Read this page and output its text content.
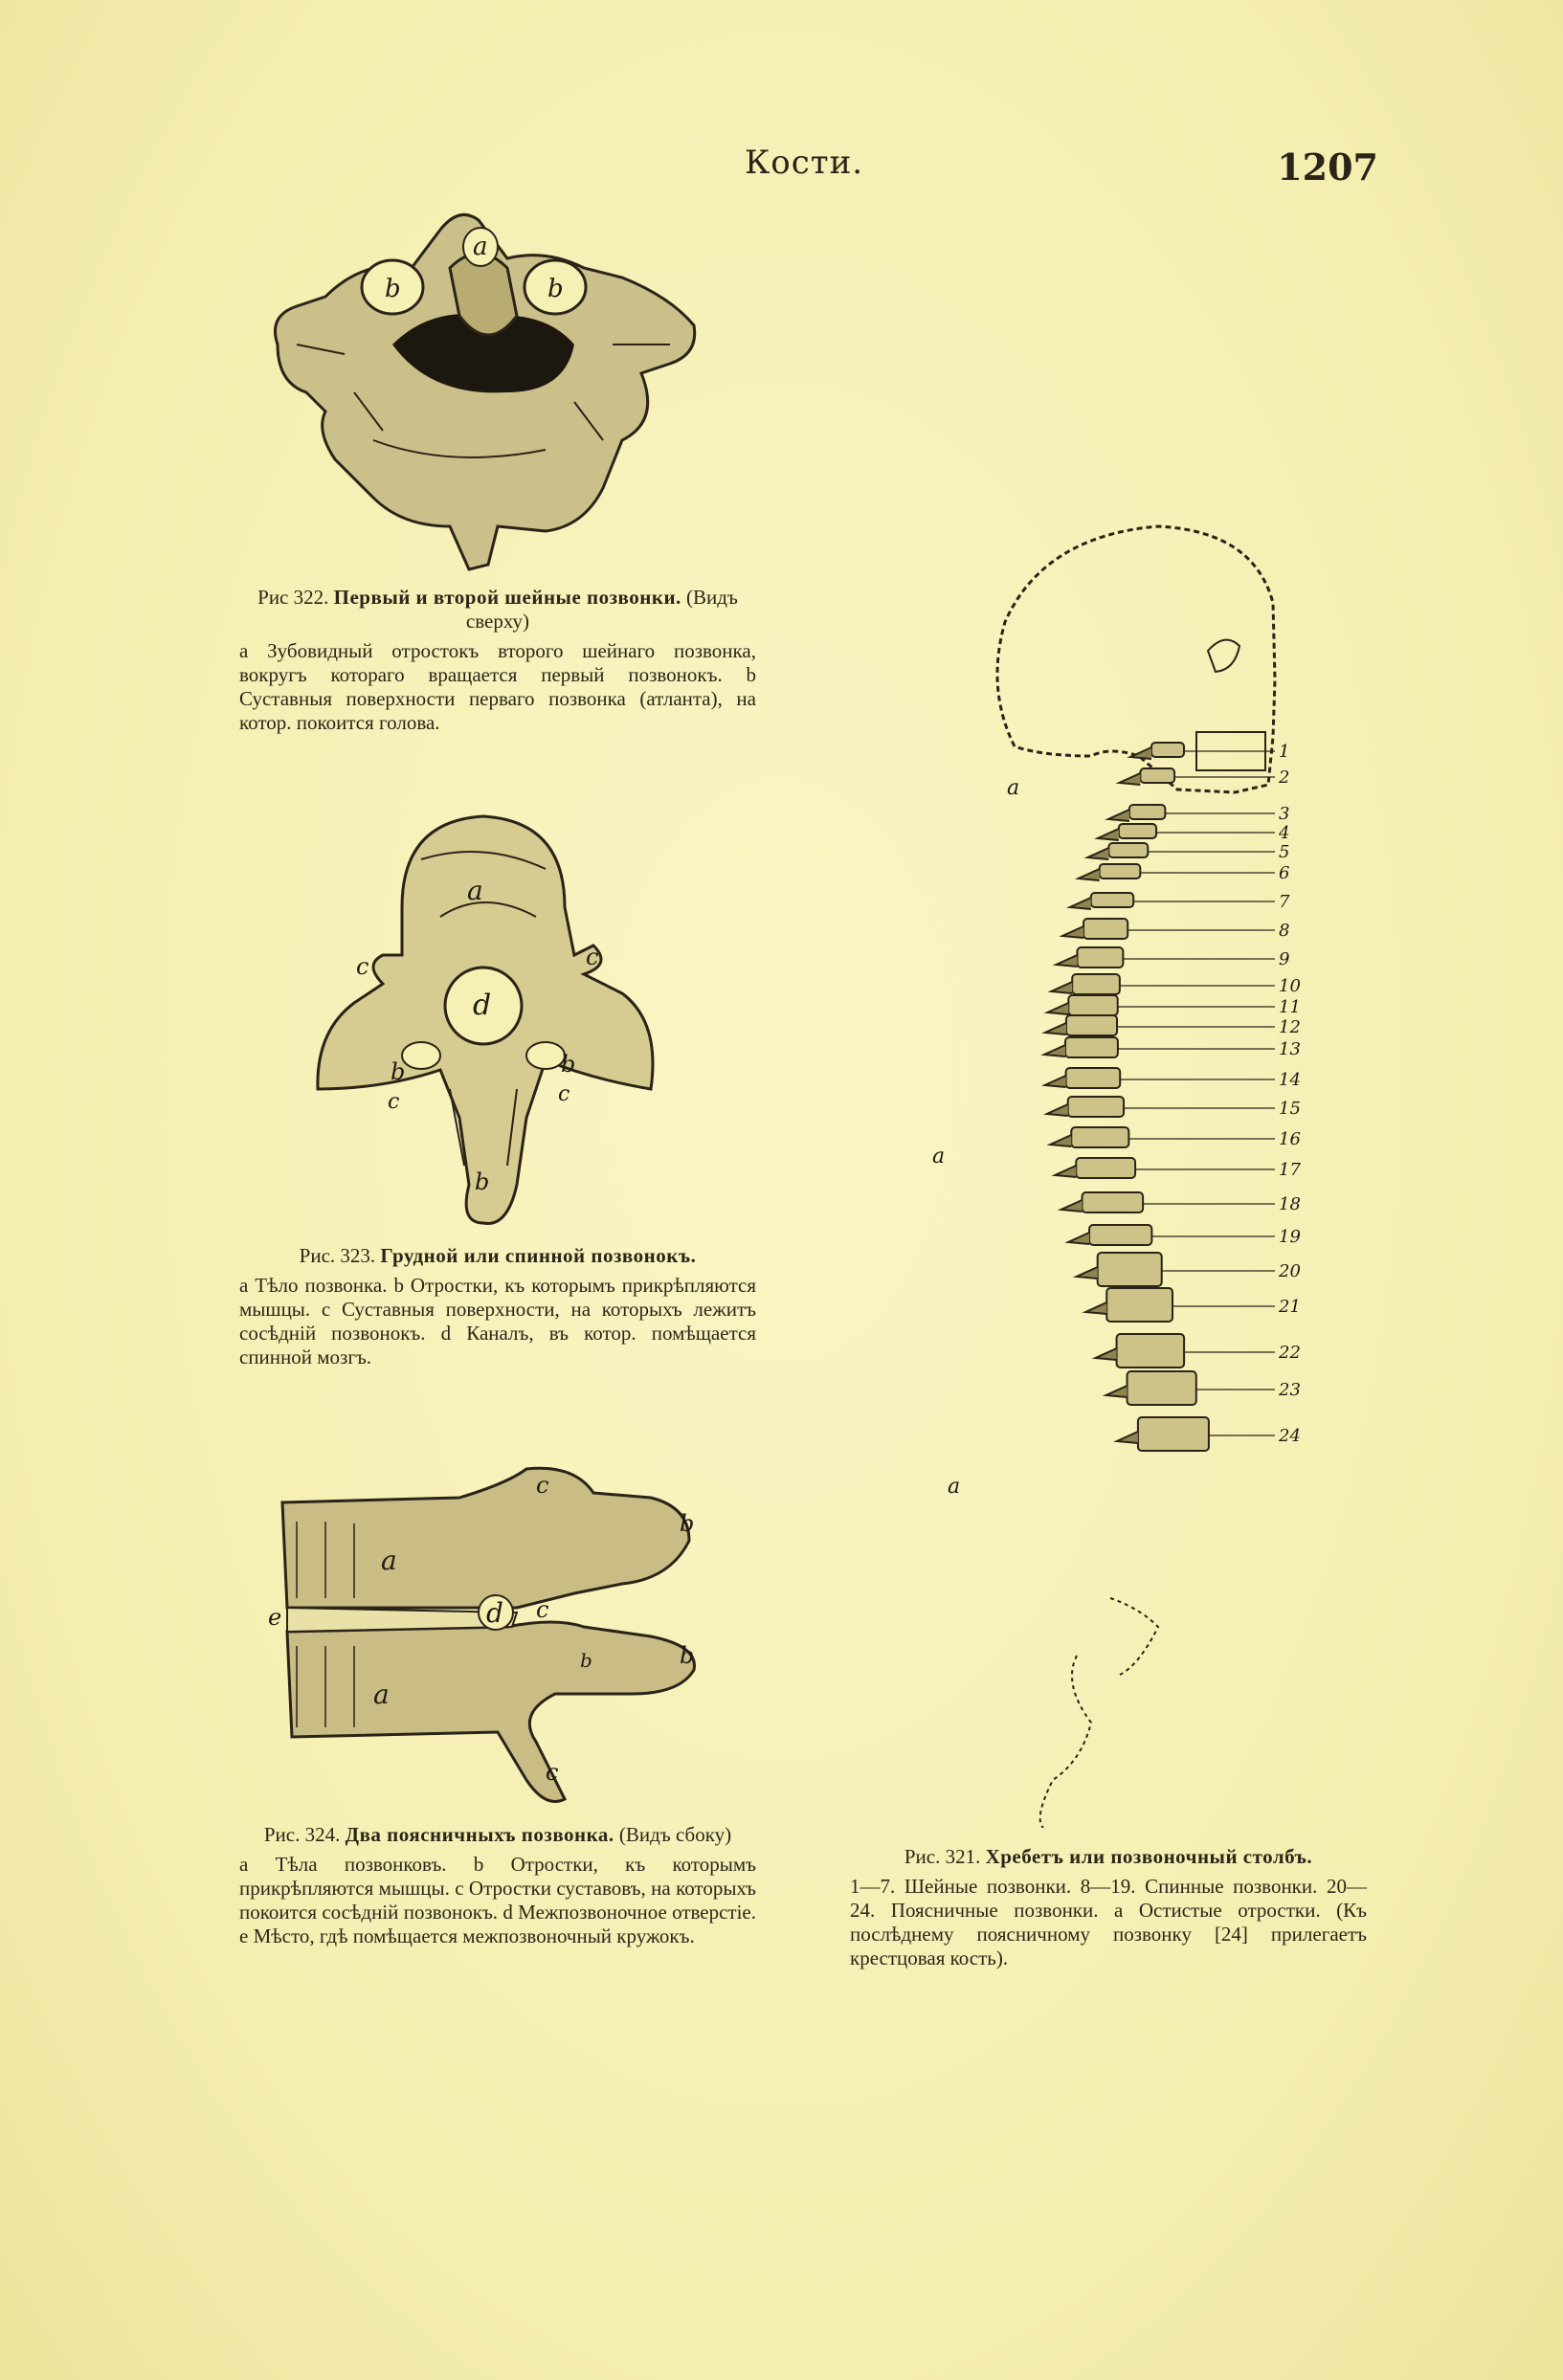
Кости.	1207
a
b	b
Рис 322. Первый и второй шейные позвонки. (Видъ сверху)
a Зубовидный отростокъ второго шейнаго позвонка, вокругъ котораго вращается первый позвонокъ. b Суставныя поверхности перваго позвонка (атланта), на котор. покоится голова.
a
d
c	c
b	b
c	c
b
Рис. 323. Грудной или спинной позвонокъ.
a Тѣло позвонка. b Отростки, къ которымъ прикрѣпляются мышцы. c Суставныя поверхности, на которыхъ лежитъ сосѣдній позвонокъ. d Каналъ, въ котор. помѣщается спинной мозгъ.
a
a
d
e
c
c
c
b
b
b
Рис. 324. Два поясничныхъ позвонка. (Видъ сбоку)
a Тѣла позвонковъ. b Отростки, къ которымъ прикрѣпляются мышцы. c Отростки суставовъ, на которыхъ покоится сосѣдній позвонокъ. d Межпозвоночное отверстіе. e Мѣсто, гдѣ помѣщается межпозвоночный кружокъ.
1
2
3
4
5
6
7
8
9
10
11
12
13
14
15
16
17
18
19
20
21
22
23
24
a
a
a
Рис. 321. Хребетъ или позвоночный столбъ.
1—7. Шейные позвонки. 8—19. Спинные позвонки. 20—24. Поясничные позвонки. a Остистые отростки. (Къ послѣднему поясничному позвонку [24] прилегаетъ крестцовая кость).
